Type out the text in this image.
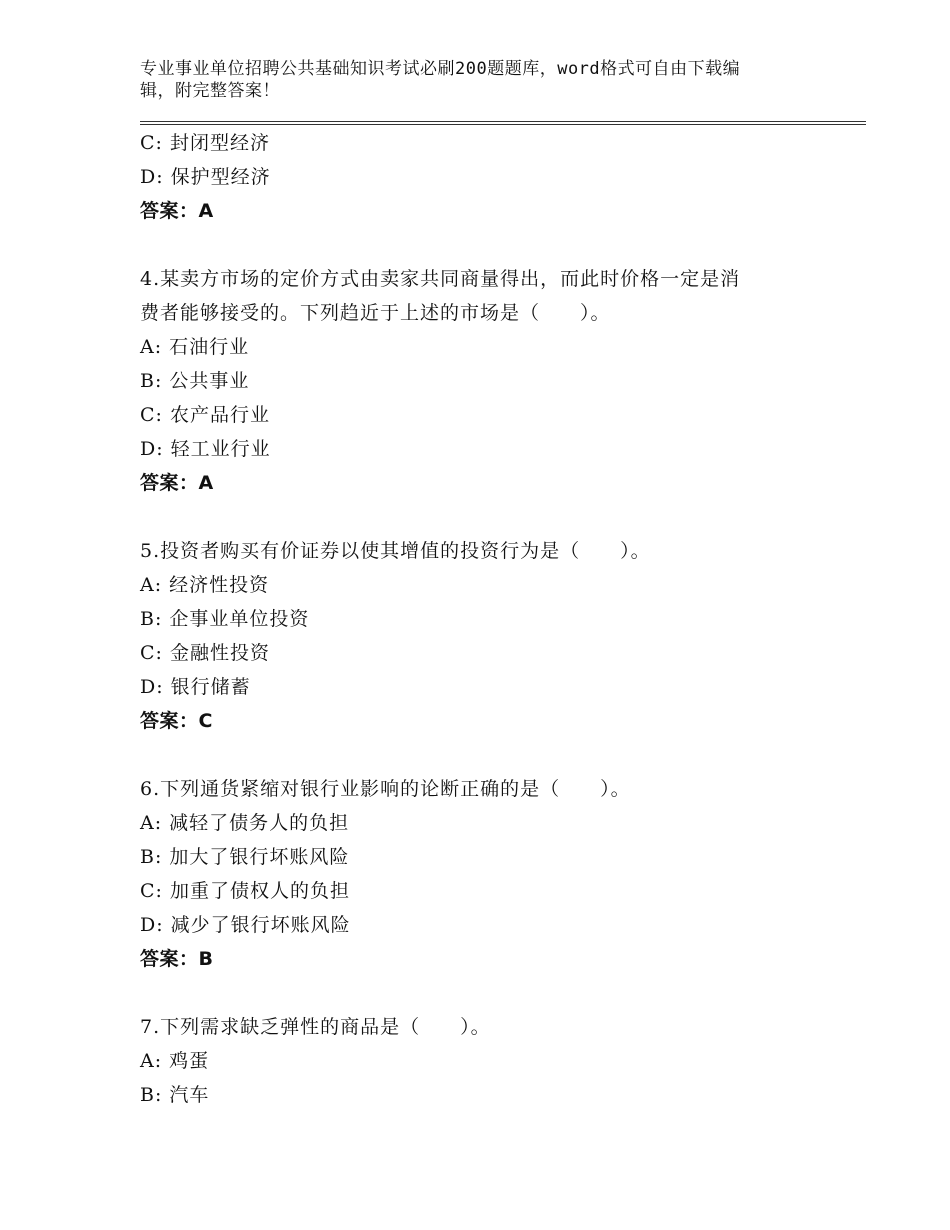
专业事业单位招聘公共基础知识考试必刷200题题库，word格式可自由下载编
辑，附完整答案！
C: 封闭型经济
D: 保护型经济
答案：A
4.某卖方市场的定价方式由卖家共同商量得出，而此时价格一定是消
费者能够接受的。下列趋近于上述的市场是（　　）。
A: 石油行业
B: 公共事业
C: 农产品行业
D: 轻工业行业
答案：A
5.投资者购买有价证券以使其增值的投资行为是（　　）。
A: 经济性投资
B: 企事业单位投资
C: 金融性投资
D: 银行储蓄
答案：C
6.下列通货紧缩对银行业影响的论断正确的是（　　）。
A: 减轻了债务人的负担
B: 加大了银行坏账风险
C: 加重了债权人的负担
D: 减少了银行坏账风险
答案：B
7.下列需求缺乏弹性的商品是（　　）。
A: 鸡蛋
B: 汽车
